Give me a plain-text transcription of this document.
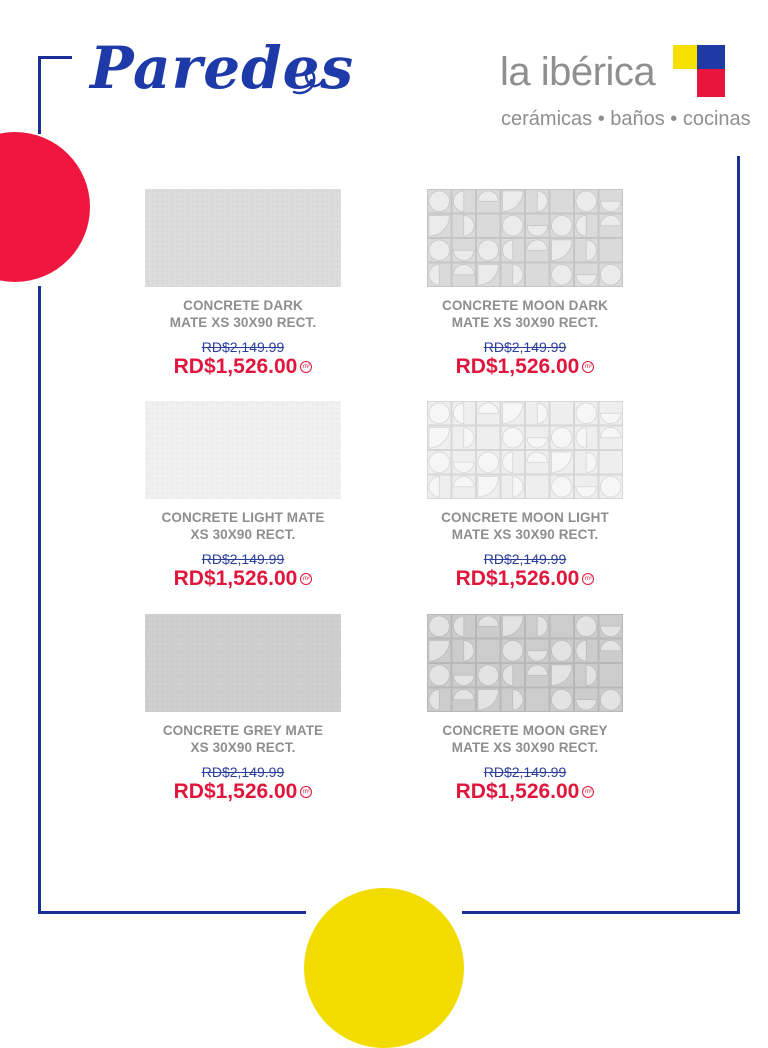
Paredes	la ibérica
cerámicas • baños • cocinas
CONCRETE DARK
MATE XS 30X90 RECT.
RD$2,149.99
RD$1,526.00 m²
CONCRETE MOON DARK
MATE XS 30X90 RECT.
RD$2,149.99
RD$1,526.00 m²
CONCRETE LIGHT MATE
XS 30X90 RECT.
RD$2,149.99
RD$1,526.00 m²
CONCRETE MOON LIGHT
MATE XS 30X90 RECT.
RD$2,149.99
RD$1,526.00 m²
CONCRETE GREY MATE
XS 30X90 RECT.
RD$2,149.99
RD$1,526.00 m²
CONCRETE MOON GREY
MATE XS 30X90 RECT.
RD$2,149.99
RD$1,526.00 m²
